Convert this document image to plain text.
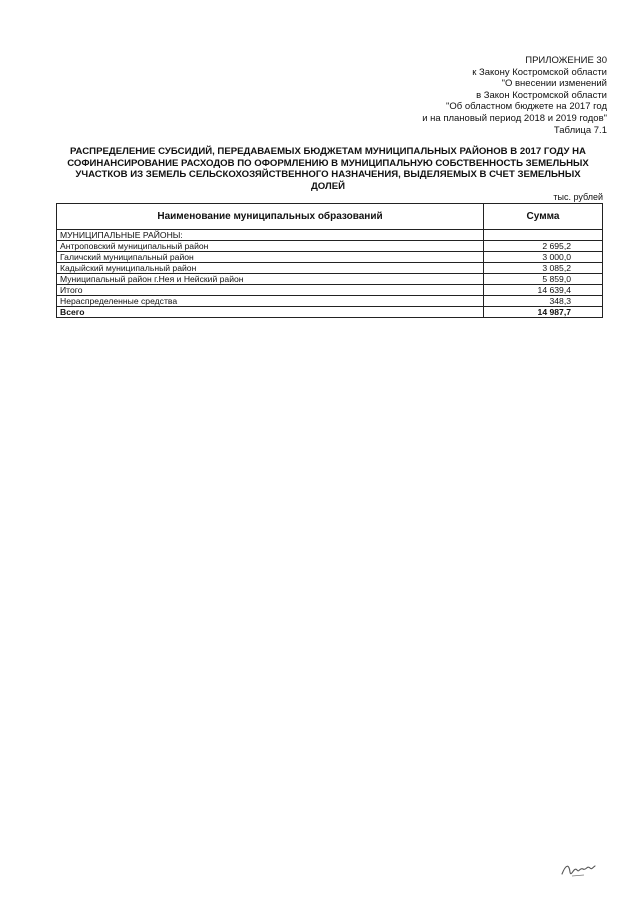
ПРИЛОЖЕНИЕ 30
к Закону Костромской области
"О внесении изменений
в Закон Костромской области
"Об областном бюджете на 2017 год
и на плановый период 2018 и 2019 годов"
Таблица 7.1
РАСПРЕДЕЛЕНИЕ СУБСИДИЙ, ПЕРЕДАВАЕМЫХ БЮДЖЕТАМ МУНИЦИПАЛЬНЫХ РАЙОНОВ В 2017 ГОДУ НА СОФИНАНСИРОВАНИЕ РАСХОДОВ ПО ОФОРМЛЕНИЮ В МУНИЦИПАЛЬНУЮ СОБСТВЕННОСТЬ ЗЕМЕЛЬНЫХ УЧАСТКОВ ИЗ ЗЕМЕЛЬ СЕЛЬСКОХОЗЯЙСТВЕННОГО НАЗНАЧЕНИЯ, ВЫДЕЛЯЕМЫХ В СЧЕТ ЗЕМЕЛЬНЫХ ДОЛЕЙ
тыс. рублей
Наименование муниципальных образований	Сумма
МУНИЦИПАЛЬНЫЕ РАЙОНЫ:	
Антроповский муниципальный район	2 695,2
Галичский муниципальный район	3 000,0
Кадыйский муниципальный район	3 085,2
Муниципальный район г.Нея и Нейский район	5 859,0
Итого	14 639,4
Нераспределенные средства	348,3
Всего	14 987,7
